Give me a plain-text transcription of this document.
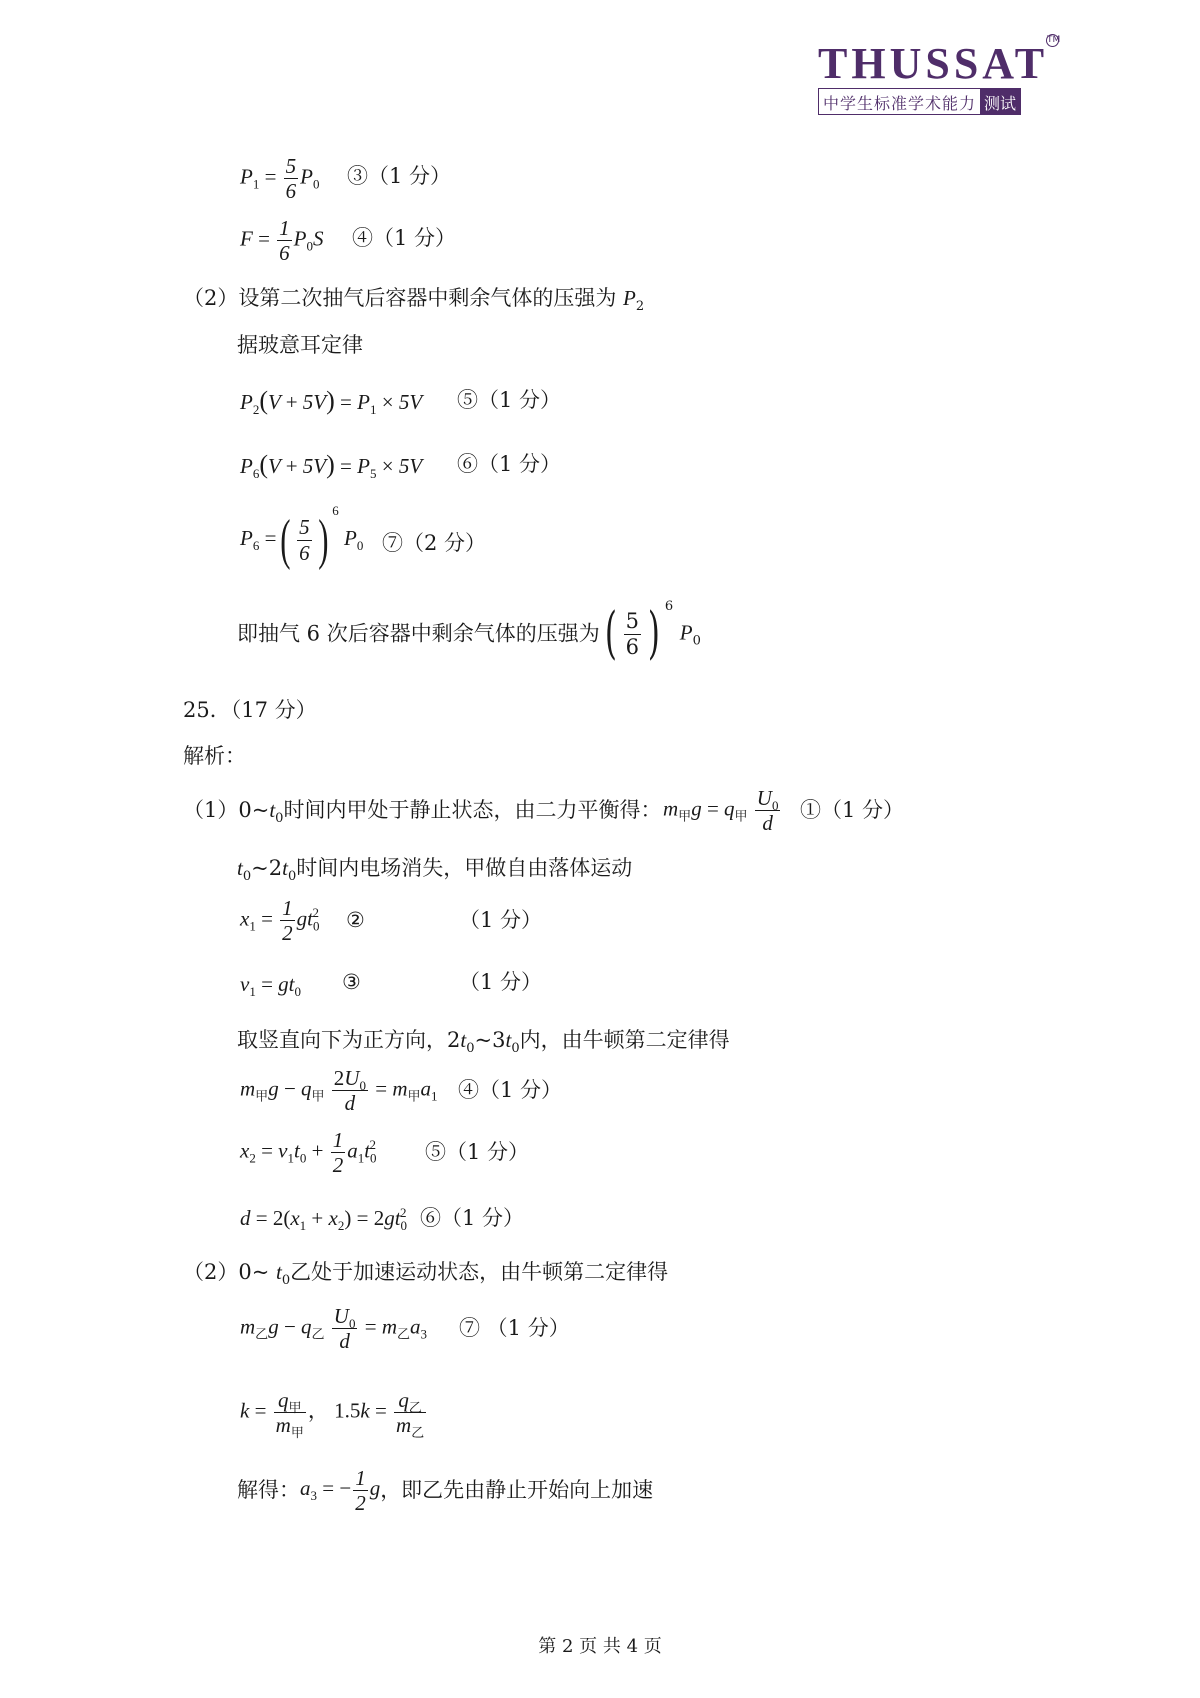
THUSSAT
TM
中学生标准学术能力 测试
$P_1 = \frac{5}{6} P_0$ ③（1 分）
$F = \frac{1}{6} P_0S$ ④（1 分）
（2）设第二次抽气后容器中剩余气体的压强为 $P_2$
据玻意耳定律
$P_2(V + 5V) = P_1 \times 5V$ ⑤（1 分）
$P_6(V + 5V) = P_5 \times 5V$ ⑥（1 分）
$P_6$ =( $\frac{5}{6}$ ) $^6$ $P_0$ ⑦（2 分）
即抽气 6 次后容器中剩余气体的压强为( $\frac{5}{6}$ ) $^6$ $P_0$
25．（17 分）
解析：
$(1)0\sim t_0$时间内甲处于静止状态，由二力平衡得： $m_甲g = q_甲 \frac{U_0}{d}$ ①（1 分）
$t_0\sim 2t_0$时间内电场消失，甲做自由落体运动
$x_1 = \frac{1}{2} gt_0^2$ ②	（1 分）
$v_1 = gt_0$ ③	（1 分）
取竖直向下为正方向，$2t_0\sim 3t_0$内，由牛顿第二定律得
$m_甲g - q_甲 \frac{2U_0}{d} = m_甲a_1$ ④（1 分）
$x_2 = v_1t_0 + \frac{1}{2} a_1t_0^2$ ⑤（1 分）
$d = 2(x_1 + x_2) = 2gt_0^2$ ⑥（1 分）
（2）0~ $t_0$乙处于加速运动状态，由牛顿第二定律得
$m_乙g - q_乙 \frac{U_0}{d} = m_乙a_3$ ⑦ （1 分）
$k = \frac{q_甲}{m_甲}$ ， $1.5k = \frac{q_乙}{m_乙}$
解得：$a_3$ = − $\frac{1}{2}$ g，即乙先由静止开始向上加速
第 2 页 共 4 页
